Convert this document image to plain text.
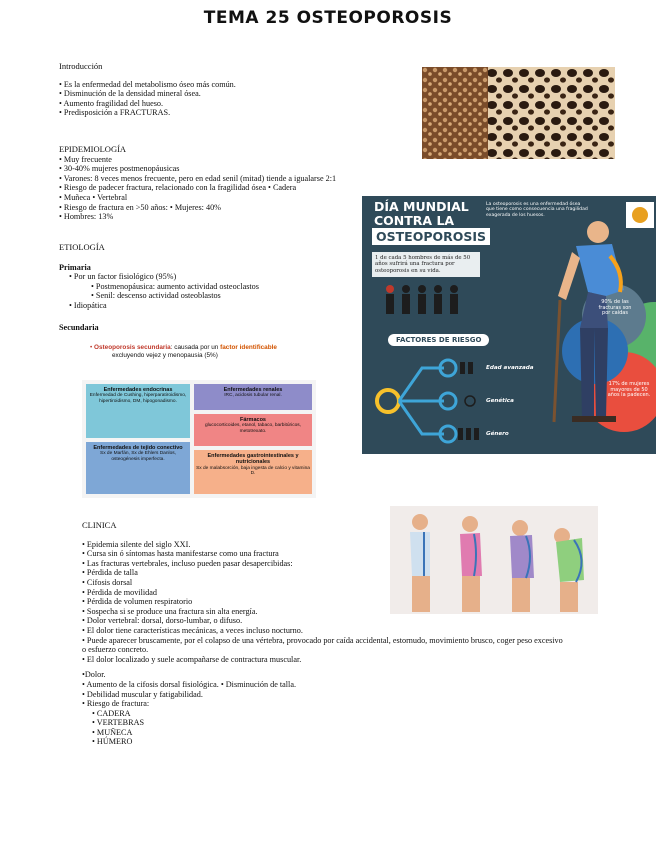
TEMA 25 OSTEOPOROSIS
Introducción
• Es la enfermedad del metabolismo óseo más común.
• Disminución de la densidad mineral ósea.
• Aumento fragilidad del hueso.
• Predisposición a FRACTURAS.
EPIDEMIOLOGÍA
• Muy frecuente
• 30-40% mujeres postmenopáusicas
• Varones: 8 veces menos frecuente, pero en edad senil (mitad) tiende a igualarse 2:1
• Riesgo de padecer fractura, relacionado con la fragilidad ósea • Cadera
• Muñeca • Vertebral
• Riesgo de fractura en >50 años: • Mujeres: 40%
• Hombres: 13%
ETIOLOGÍA
Primaria
• Por un factor fisiológico (95%)
• Postmenopáusica: aumento actividad osteoclastos
• Senil: descenso actividad osteoblastos
• Idiopática
Secundaria
• Osteoporosis secundaria: causada por un factor identificable
excluyendo vejez y menopausia (5%)
Enfermedades endocrinas
Enfermedad de Cushing, hiperparatiroidismo, hipertiroidismo, DM, hipogonadismo.
Enfermedades renales
IRC, acidosis tubular renal.
Fármacos
glucocorticoides, etanol, tabaco, barbitúricos, metotrexato.
Enfermedades de tejido conectivo
Sx de Marfán, Sx de Ehlers Danlos, osteogénesis imperfecta.
Enfermedades gastrointestinales y nutricionales
Sx de malabsorción, baja ingesta de calcio y vitamina D.
DÍA MUNDIAL
CONTRA LA
OSTEOPOROSIS
La osteoporosis es una enfermedad ósea que tiene como consecuencia una fragilidad exagerada de los huesos.
1 de cada 5 hombres de más de 50 años sufrirá una fractura por osteoporosis en su vida.
FACTORES DE RIESGO
Edad avanzada
Genética
Género
90% de las fracturas son por caídas
17% de mujeres mayores de 50 años la padecen.
CLINICA
• Epidemia silente del siglo XXI.
• Cursa sin ó síntomas hasta manifestarse como una fractura
• Las fracturas vertebrales, incluso pueden pasar desapercibidas:
• Pérdida de talla
• Cifosis dorsal
• Pérdida de movilidad
• Pérdida de volumen respiratorio
• Sospecha si se produce una fractura sin alta energía.
• Dolor vertebral: dorsal, dorso-lumbar, o difuso.
• El dolor tiene características mecánicas, a veces incluso nocturno.
• Puede aparecer bruscamente, por el colapso de una vértebra, provocado por caída accidental, estornudo, movimiento brusco, coger peso excesivo
o esfuerzo concreto.
• El dolor localizado y suele acompañarse de contractura muscular.
•Dolor.
• Aumento de la cifosis dorsal fisiológica. • Disminución de talla.
• Debilidad muscular y fatigabilidad.
• Riesgo de fractura:
• CADERA
• VERTEBRAS
• MUÑECA
• HÚMERO
